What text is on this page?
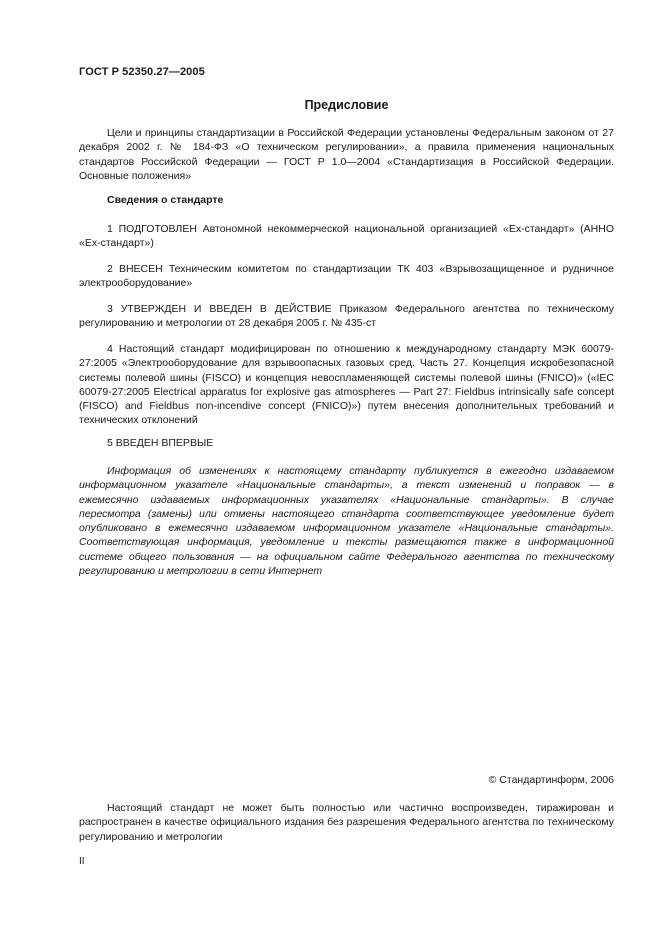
ГОСТ Р 52350.27—2005
Предисловие

Цели и принципы стандартизации в Российской Федерации установлены Федеральным законом от 27 декабря 2002 г. № 184-ФЗ «О техническом регулировании», а правила применения национальных стандартов Российской Федерации — ГОСТ Р 1.0—2004 «Стандартизация в Российской Федерации. Основные положения»

Сведения о стандарте

1 ПОДГОТОВЛЕН Автономной некоммерческой национальной организацией «Ех-стандарт» (АННО «Ех-стандарт»)

2 ВНЕСЕН Техническим комитетом по стандартизации ТК 403 «Взрывозащищенное и рудничное электрооборудование»

3 УТВЕРЖДЕН И ВВЕДЕН В ДЕЙСТВИЕ Приказом Федерального агентства по техническому регулированию и метрологии от 28 декабря 2005 г. № 435-ст

4 Настоящий стандарт модифицирован по отношению к международному стандарту МЭК 60079-27:2005 «Электрооборудование для взрывоопасных газовых сред. Часть 27. Концепция искробезопасной системы полевой шины (FISCO) и концепция невоспламеняющей системы полевой шины (FNICO)» («IEC 60079-27:2005 Electrical apparatus for explosive gas atmospheres — Part 27: Fieldbus intrinsically safe concept (FISCO) and Fieldbus non-incendive concept (FNICO)») путем внесения дополнительных требований и технических отклонений

5 ВВЕДЕН ВПЕРВЫЕ

Информация об изменениях к настоящему стандарту публикуется в ежегодно издаваемом информационном указателе «Национальные стандарты», а текст изменений и поправок — в ежемесячно издаваемых информационных указателях «Национальные стандарты». В случае пересмотра (замены) или отмены настоящего стандарта соответствующее уведомление будет опубликовано в ежемесячно издаваемом информационном указателе «Национальные стандарты». Соответствующая информация, уведомление и тексты размещаются также в информационной системе общего пользования — на официальном сайте Федерального агентства по техническому регулированию и метрологии в сети Интернет

© Стандартинформ, 2006

Настоящий стандарт не может быть полностью или частично воспроизведен, тиражирован и распространен в качестве официального издания без разрешения Федерального агентства по техническому регулированию и метрологии

II
